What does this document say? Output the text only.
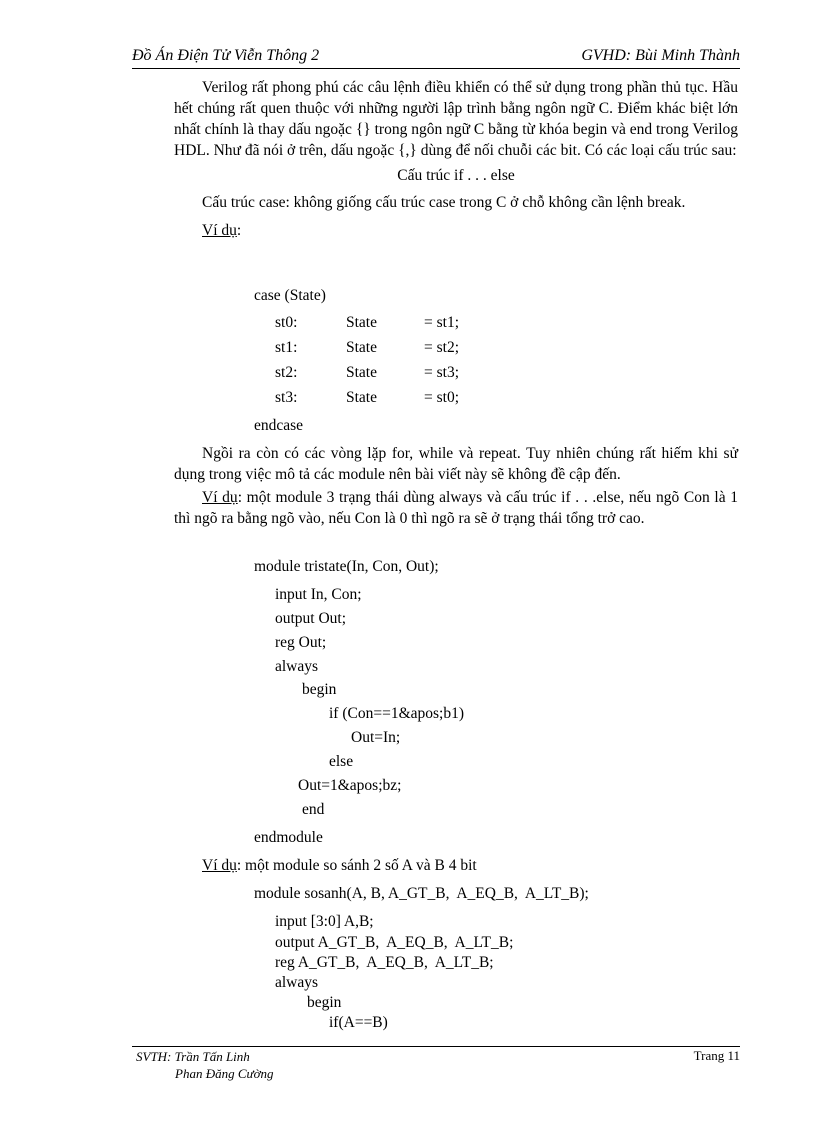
Đồ Án Điện Tử Viễn Thông 2	GVHD: Bùi Minh Thành

Verilog rất phong phú các câu lệnh điều khiển có thể sử dụng trong phần thủ tục. Hầu hết chúng rất quen thuộc với những người lập trình bằng ngôn ngữ C. Điểm khác biệt lớn nhất chính là thay dấu ngoặc {} trong ngôn ngữ C bằng từ khóa begin và end trong Verilog HDL. Như đã nói ở trên, dấu ngoặc {,} dùng để nối chuỗi các bit. Có các loại cấu trúc sau:

Cấu trúc if . . . else

Cấu trúc case: không giống cấu trúc case trong C ở chỗ không cần lệnh break.

Ví dụ:

case (State)
st0:	State	= st1;
st1:	State	= st2;
st2:	State	= st3;
st3:	State	= st0;
endcase

Ngồi ra còn có các vòng lặp for, while và repeat. Tuy nhiên chúng rất hiếm khi sử dụng trong việc mô tả các module nên bài viết này sẽ không đề cập đến.

Ví dụ: một module 3 trạng thái dùng always và cấu trúc if . . .else, nếu ngõ Con là 1 thì ngõ ra bằng ngõ vào, nếu Con là 0 thì ngõ ra sẽ ở trạng thái tổng trở cao.

module tristate(In, Con, Out);
input In, Con;
output Out;
reg Out;
always
begin
if (Con==1&apos;b1)
Out=In;
else
Out=1&apos;bz;
end
endmodule
Ví dụ: một module so sánh 2 số A và B 4 bit
module sosanh(A, B, A_GT_B,  A_EQ_B,  A_LT_B);
input [3:0] A,B;
output A_GT_B,  A_EQ_B,  A_LT_B;
reg A_GT_B,  A_EQ_B,  A_LT_B;
always
begin
if(A==B)
SVTH: Trần Tấn Linh
Phan Đăng Cường
Trang 11
